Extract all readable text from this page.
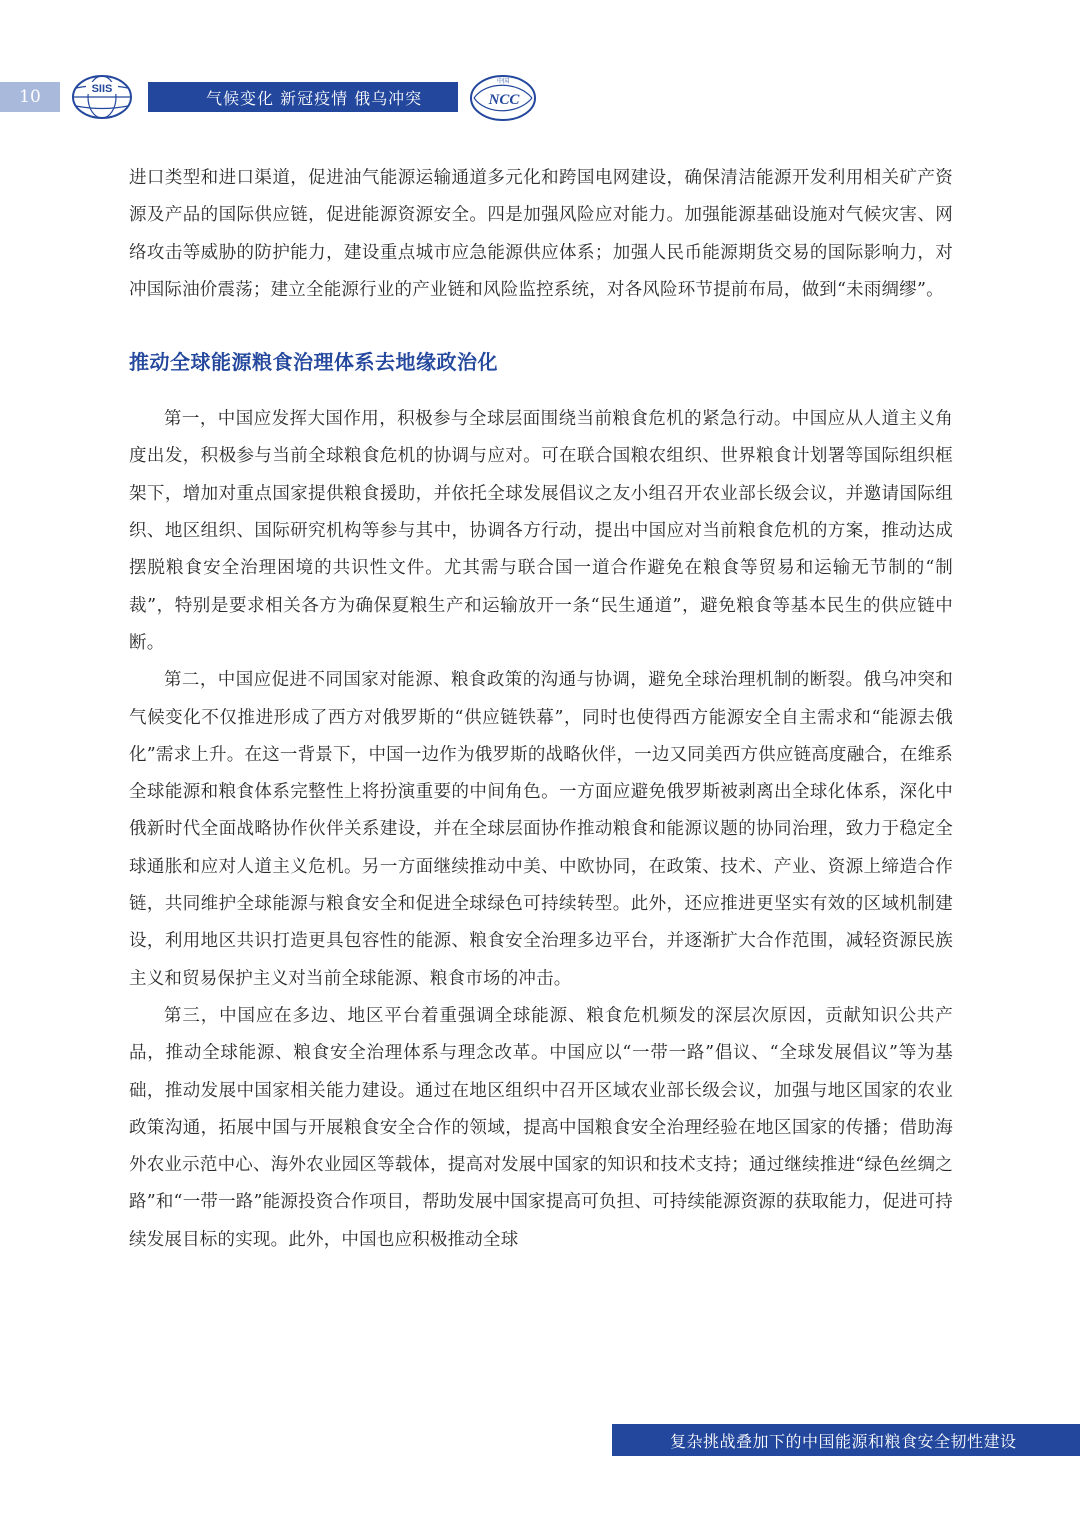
10	SIIS	气候变化 新冠疫情 俄乌冲突
中国
NCC

进口类型和进口渠道，促进油气能源运输通道多元化和跨国电网建设，确保清洁能源开发利用相关矿产资源及产品的国际供应链，促进能源资源安全。四是加强风险应对能力。加强能源基础设施对气候灾害、网络攻击等威胁的防护能力，建设重点城市应急能源供应体系；加强人民币能源期货交易的国际影响力，对冲国际油价震荡；建立全能源行业的产业链和风险监控系统，对各风险环节提前布局，做到“未雨绸缪”。

推动全球能源粮食治理体系去地缘政治化

第一，中国应发挥大国作用，积极参与全球层面围绕当前粮食危机的紧急行动。中国应从人道主义角度出发，积极参与当前全球粮食危机的协调与应对。可在联合国粮农组织、世界粮食计划署等国际组织框架下，增加对重点国家提供粮食援助，并依托全球发展倡议之友小组召开农业部长级会议，并邀请国际组织、地区组织、国际研究机构等参与其中，协调各方行动，提出中国应对当前粮食危机的方案，推动达成摆脱粮食安全治理困境的共识性文件。尤其需与联合国一道合作避免在粮食等贸易和运输无节制的“制裁”，特别是要求相关各方为确保夏粮生产和运输放开一条“民生通道”，避免粮食等基本民生的供应链中断。

第二，中国应促进不同国家对能源、粮食政策的沟通与协调，避免全球治理机制的断裂。俄乌冲突和气候变化不仅推进形成了西方对俄罗斯的“供应链铁幕”，同时也使得西方能源安全自主需求和“能源去俄化”需求上升。在这一背景下，中国一边作为俄罗斯的战略伙伴，一边又同美西方供应链高度融合，在维系全球能源和粮食体系完整性上将扮演重要的中间角色。一方面应避免俄罗斯被剥离出全球化体系，深化中俄新时代全面战略协作伙伴关系建设，并在全球层面协作推动粮食和能源议题的协同治理，致力于稳定全球通胀和应对人道主义危机。另一方面继续推动中美、中欧协同，在政策、技术、产业、资源上缔造合作链，共同维护全球能源与粮食安全和促进全球绿色可持续转型。此外，还应推进更坚实有效的区域机制建设，利用地区共识打造更具包容性的能源、粮食安全治理多边平台，并逐渐扩大合作范围，减轻资源民族主义和贸易保护主义对当前全球能源、粮食市场的冲击。

第三，中国应在多边、地区平台着重强调全球能源、粮食危机频发的深层次原因，贡献知识公共产品，推动全球能源、粮食安全治理体系与理念改革。中国应以“一带一路”倡议、“全球发展倡议”等为基础，推动发展中国家相关能力建设。通过在地区组织中召开区域农业部长级会议，加强与地区国家的农业政策沟通，拓展中国与开展粮食安全合作的领域，提高中国粮食安全治理经验在地区国家的传播；借助海外农业示范中心、海外农业园区等载体，提高对发展中国家的知识和技术支持；通过继续推进“绿色丝绸之路”和“一带一路”能源投资合作项目，帮助发展中国家提高可负担、可持续能源资源的获取能力，促进可持续发展目标的实现。此外，中国也应积极推动全球

复杂挑战叠加下的中国能源和粮食安全韧性建设
